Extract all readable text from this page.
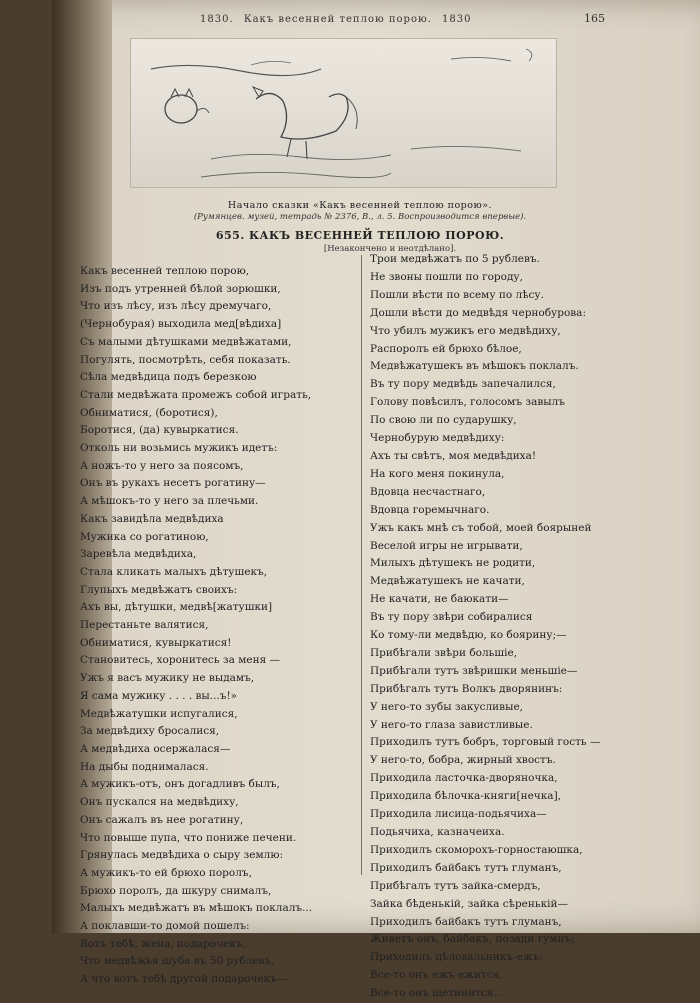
1830. Какъ весенней теплою порою. 1830	165
Начало сказки «Какъ весенней теплою порою».
(Румянцев. музей, тетрадь № 2376, В., л. 5. Воспроизводится впервые).
655. КАКЪ ВЕСЕННЕЙ ТЕПЛОЮ ПОРОЮ.
[Незакончено и неотдѣлано].
Какъ весенней теплою порою,
Изъ подъ утренней бѣлой зорюшки,
Что изъ лѣсу, изъ лѣсу дремучаго,
(Чернобурая) выходила мед[вѣдиха]
Съ малыми дѣтушками медвѣжатами,
Погулять, посмотрѣть, себя показать.
Сѣла медвѣдица подъ березкою
Стали медвѣжата промежъ собой играть,
Обниматися, (боротися),
Боротися, (да) кувыркатися.
Отколь ни возьмись мужикъ идетъ:
А ножъ-то у него за поясомъ,
Онъ въ рукахъ несетъ рогатину—
А мѣшокъ-то у него за плечьми.
Какъ завидѣла медвѣдиха
Мужика со рогатиною,
Заревѣла медвѣдиха,
Стала кликать малыхъ дѣтушекъ,
Глупыхъ медвѣжатъ своихъ:
Ахъ вы, дѣтушки, медвѣ[жатушки]
Перестаньте валятися,
Обниматися, кувыркатися!
Становитесь, хоронитесь за меня —
Ужъ я васъ мужику не выдамъ,
Я сама мужику . . . . вы...ъ!»
Медвѣжатушки испугалися,
За медвѣдиху бросалися,
А медвѣдиха осержалася—
На дыбы поднималася.
А мужикъ-отъ, онъ догадливъ былъ,
Онъ пускался на медвѣдиху,
Онъ сажалъ въ нее рогатину,
Что повыше пупа, что пониже печени.
Грянулась медвѣдиха о сыру землю:
А мужикъ-то ей брюхо поролъ,
Брюхо поролъ, да шкуру снималъ,
Малыхъ медвѣжатъ въ мѣшокъ поклалъ...
А поклавши-то домой пошелъ:
Вотъ тебѣ, жена, подарочекъ,
Что медвѣжья шуба въ 50 рублевъ,
А что вотъ тебѣ другой подарочекъ—
Трои медвѣжатъ по 5 рублевъ.
Не звоны пошли по городу,
Пошли вѣсти по всему по лѣсу.
Дошли вѣсти до медвѣдя чернобурова:
Что убилъ мужикъ его медвѣдиху,
Распоролъ ей брюхо бѣлое,
Медвѣжатушекъ въ мѣшокъ поклалъ.
Въ ту пору медвѣдь запечалился,
Голову повѣсилъ, голосомъ завылъ
По свою ли по сударушку,
Чернобурую медвѣдиху:
Ахъ ты свѣтъ, моя медвѣдиха!
На кого меня покинула,
Вдовца несчастнаго,
Вдовца горемычнаго.
Ужъ какъ мнѣ съ тобой, моей боярыней
Веселой игры не игрывати,
Милыхъ дѣтушекъ не родити,
Медвѣжатушекъ не качати,
Не качати, не баюкати—
Въ ту пору звѣри собиралися
Ко тому-ли медвѣдю, ко боярину;—
Прибѣгали звѣри большіе,
Прибѣгали тутъ звѣришки меньшіе—
Прибѣгалъ тутъ Волкъ дворянинъ:
У него-то зубы закусливые,
У него-то глаза завистливые.
Приходилъ тутъ бобръ, торговый гость —
У него-то, бобра, жирный хвостъ.
Приходила ласточка-дворяночка,
Приходила бѣлочка-княги[нечка],
Приходила лисица-подьячиха—
Подьячиха, казначеиха.
Приходилъ скоморохъ-горностаюшка,
Приходилъ байбакъ тутъ глуманъ,
Прибѣгалъ тутъ зайка-смердъ,
Зайка бѣденькій, зайка сѣренькій—
Приходилъ байбакъ тутъ глуманъ,
Живетъ онъ, байбакъ, позади гумнъ;
Приходилъ цѣловальникъ-ежъ:
Все-то онъ ежъ ежится,
Все-то онъ щетинится...
